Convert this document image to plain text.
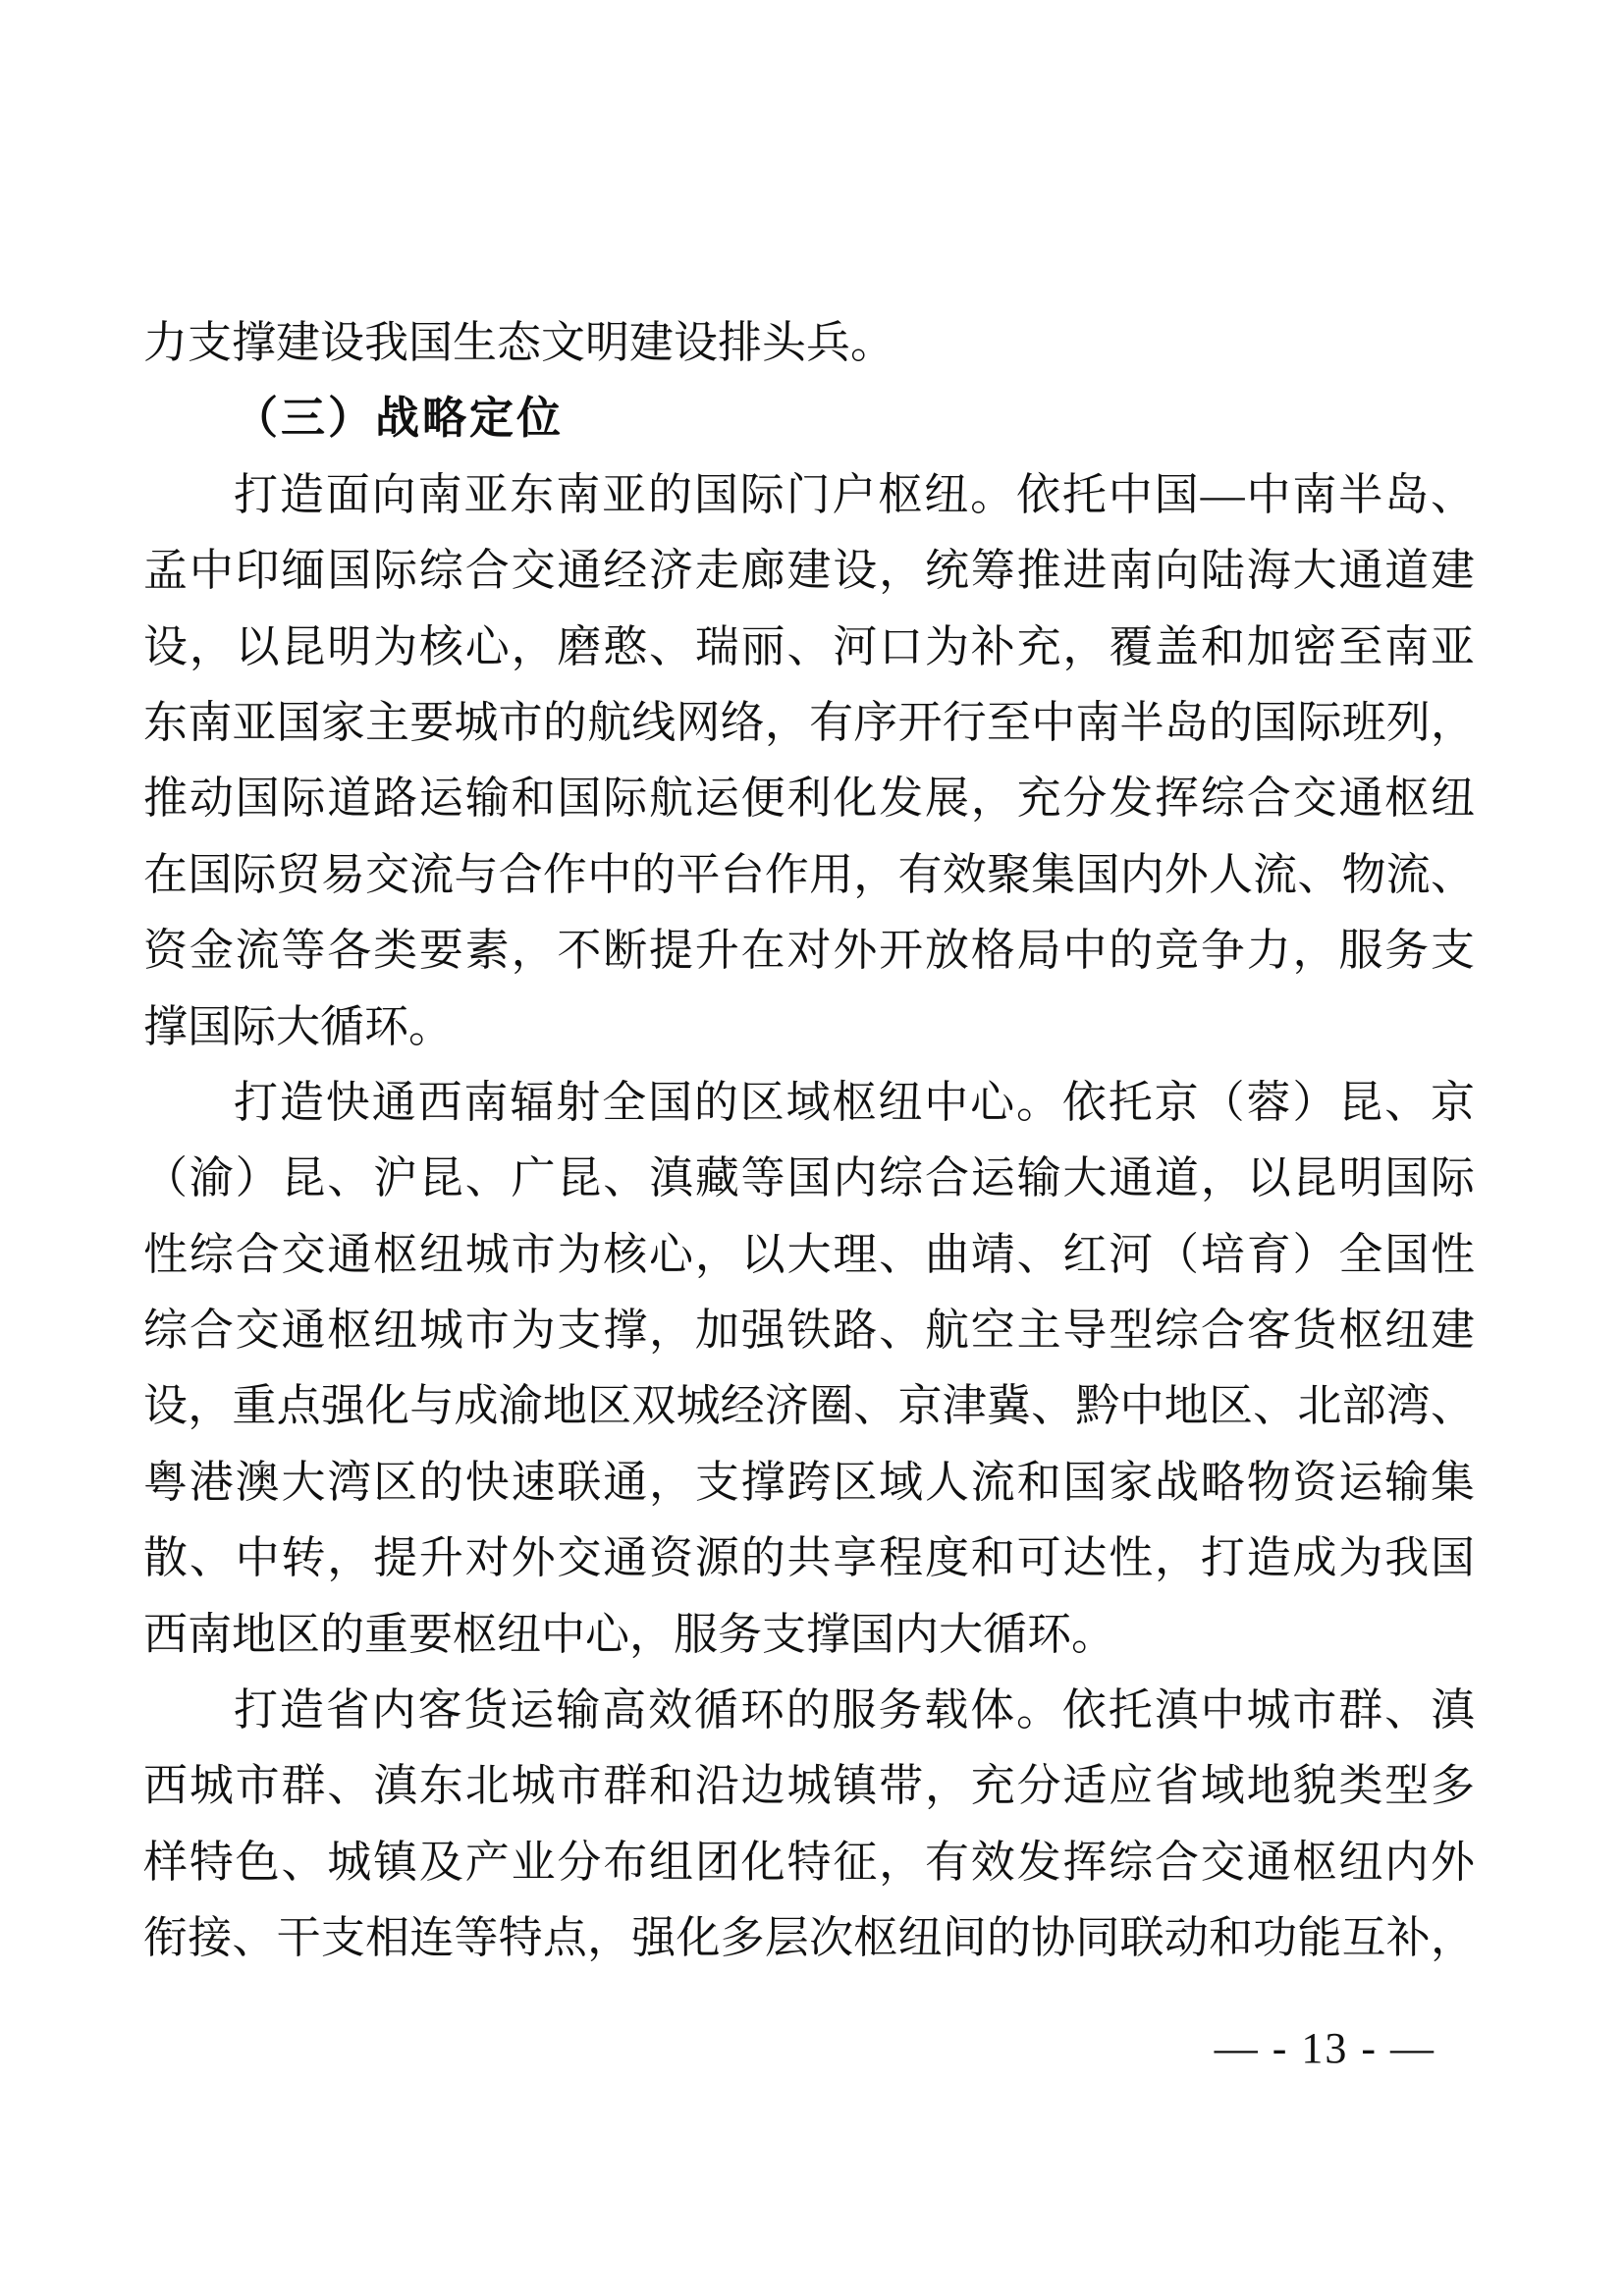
力支撑建设我国生态文明建设排头兵。
（三）战略定位
打造面向南亚东南亚的国际门户枢纽。依托中国—中南半岛、
孟中印缅国际综合交通经济走廊建设，统筹推进南向陆海大通道建
设，以昆明为核心，磨憨、瑞丽、河口为补充，覆盖和加密至南亚
东南亚国家主要城市的航线网络，有序开行至中南半岛的国际班列，
推动国际道路运输和国际航运便利化发展，充分发挥综合交通枢纽
在国际贸易交流与合作中的平台作用，有效聚集国内外人流、物流、
资金流等各类要素，不断提升在对外开放格局中的竞争力，服务支
撑国际大循环。
打造快通西南辐射全国的区域枢纽中心。依托京（蓉）昆、京
（渝）昆、沪昆、广昆、滇藏等国内综合运输大通道，以昆明国际
性综合交通枢纽城市为核心，以大理、曲靖、红河（培育）全国性
综合交通枢纽城市为支撑，加强铁路、航空主导型综合客货枢纽建
设，重点强化与成渝地区双城经济圈、京津冀、黔中地区、北部湾、
粤港澳大湾区的快速联通，支撑跨区域人流和国家战略物资运输集
散、中转，提升对外交通资源的共享程度和可达性，打造成为我国
西南地区的重要枢纽中心，服务支撑国内大循环。
打造省内客货运输高效循环的服务载体。依托滇中城市群、滇
西城市群、滇东北城市群和沿边城镇带，充分适应省域地貌类型多
样特色、城镇及产业分布组团化特征，有效发挥综合交通枢纽内外
衔接、干支相连等特点，强化多层次枢纽间的协同联动和功能互补，
— - 13 - —
